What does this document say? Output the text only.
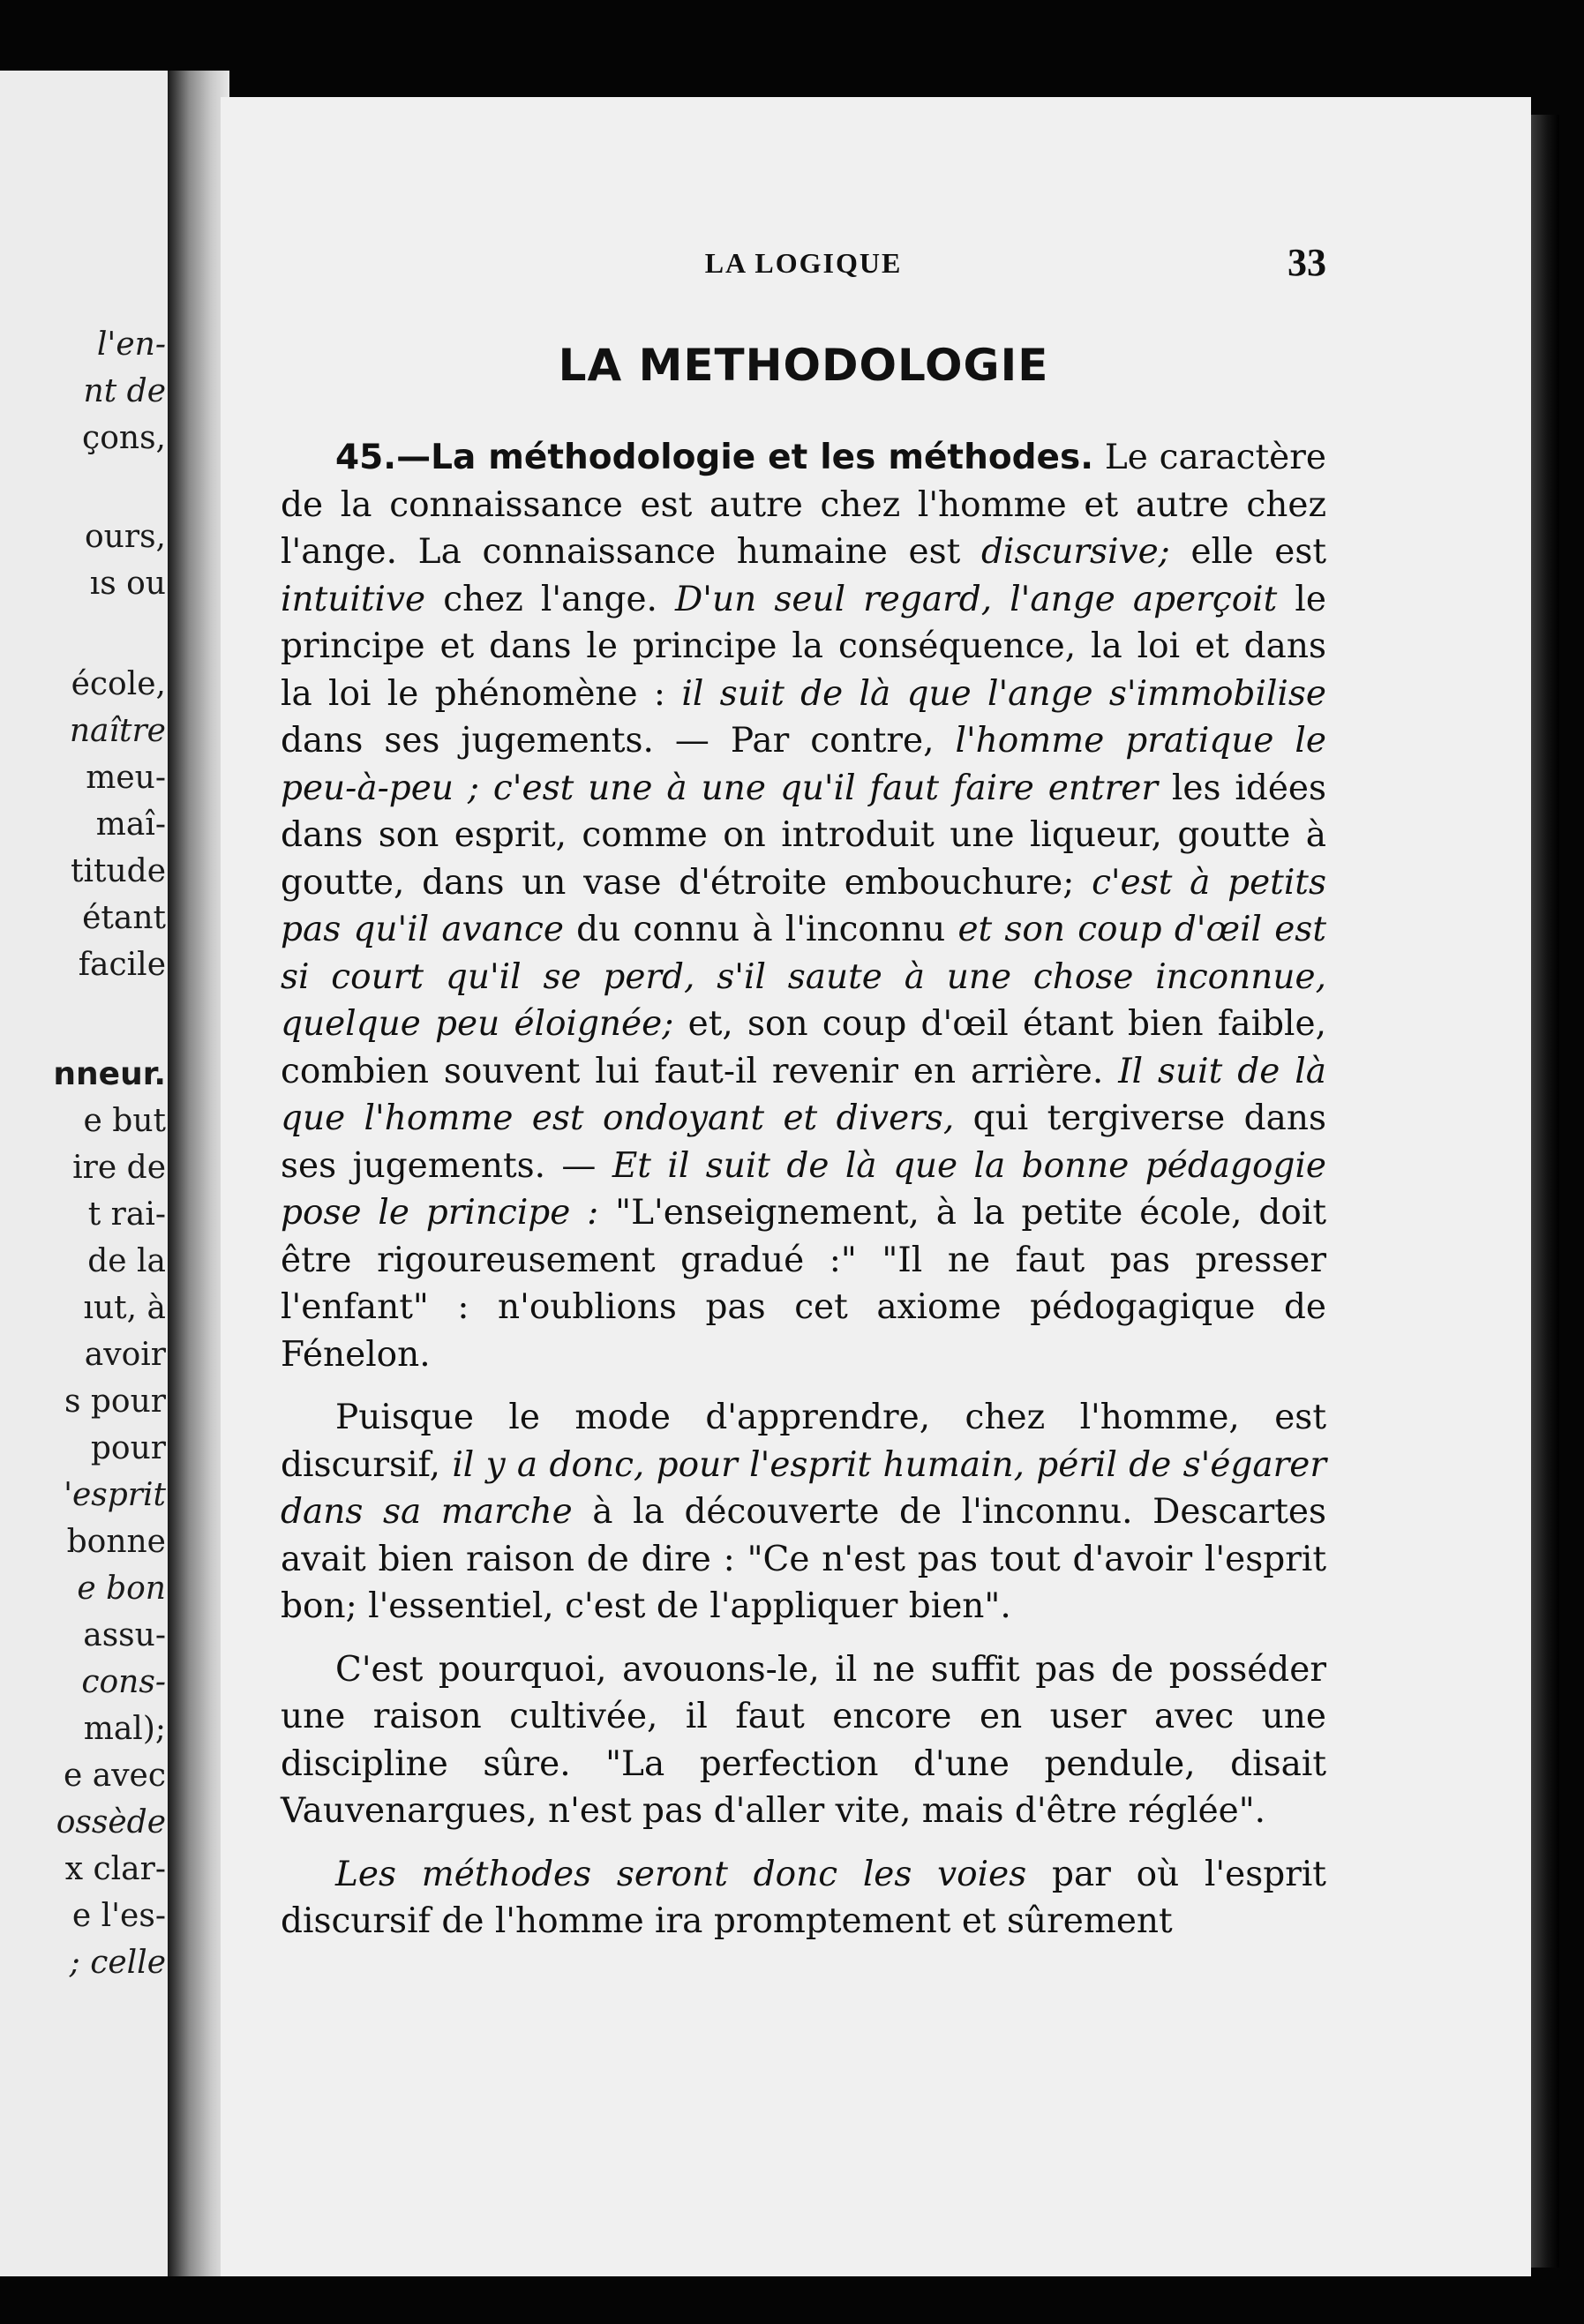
l'en-
nt de
çons,
ours,
ıs ou
école,
naître
meu-
maî-
titude
étant
facile
nneur.
e but
ire de
t rai-
de la
ıut, à
avoir
s pour
pour
'esprit
bonne
e bon
assu-
cons-
mal);
e avec
ossède
x clar-
e l'es-
; celle
LA LOGIQUE	33
LA METHODOLOGIE

45.—La méthodologie et les méthodes. Le caractère de la connaissance est autre chez l'homme et autre chez l'ange. La connaissance humaine est discursive; elle est intuitive chez l'ange. D'un seul regard, l'ange aperçoit le principe et dans le principe la conséquence, la loi et dans la loi le phénomène : il suit de là que l'ange s'immobilise dans ses jugements. — Par contre, l'homme pratique le peu-à-peu ; c'est une à une qu'il faut faire entrer les idées dans son esprit, comme on introduit une liqueur, goutte à goutte, dans un vase d'étroite embouchure; c'est à petits pas qu'il avance du connu à l'inconnu et son coup d'œil est si court qu'il se perd, s'il saute à une chose inconnue, quelque peu éloignée; et, son coup d'œil étant bien faible, combien souvent lui faut-il revenir en arrière. Il suit de là que l'homme est ondoyant et divers, qui tergiverse dans ses jugements. — Et il suit de là que la bonne pédagogie pose le principe : "L'enseignement, à la petite école, doit être rigoureusement gradué :" "Il ne faut pas presser l'enfant" : n'oublions pas cet axiome pédogagique de Fénelon.

Puisque le mode d'apprendre, chez l'homme, est discursif, il y a donc, pour l'esprit humain, péril de s'égarer dans sa marche à la découverte de l'inconnu. Descartes avait bien raison de dire : "Ce n'est pas tout d'avoir l'esprit bon; l'essentiel, c'est de l'appliquer bien".

C'est pourquoi, avouons-le, il ne suffit pas de posséder une raison cultivée, il faut encore en user avec une discipline sûre. "La perfection d'une pendule, disait Vauvenargues, n'est pas d'aller vite, mais d'être réglée".

Les méthodes seront donc les voies par où l'esprit discursif de l'homme ira promptement et sûrement
